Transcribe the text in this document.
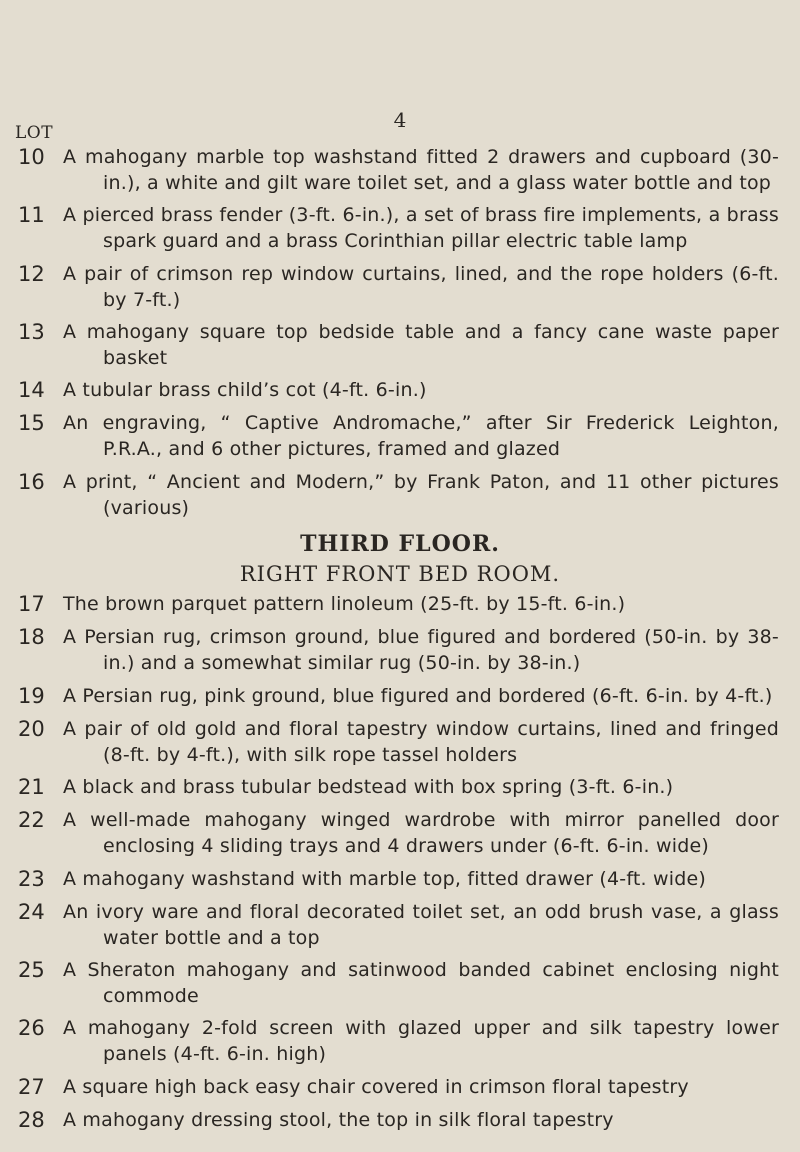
4
LOT
10 A mahogany marble top washstand fitted 2 drawers and cupboard (30-in.), a white and gilt ware toilet set, and a glass water bottle and top
11 A pierced brass fender (3-ft. 6-in.), a set of brass fire implements, a brass spark guard and a brass Corinthian pillar electric table lamp
12 A pair of crimson rep window curtains, lined, and the rope holders (6-ft. by 7-ft.)
13 A mahogany square top bedside table and a fancy cane waste paper basket
14 A tubular brass child’s cot (4-ft. 6-in.)
15 An engraving, “ Captive Andromache,” after Sir Frederick Leighton, P.R.A., and 6 other pictures, framed and glazed
16 A print, “ Ancient and Modern,” by Frank Paton, and 11 other pictures (various)
THIRD FLOOR.
RIGHT FRONT BED ROOM.
17 The brown parquet pattern linoleum (25-ft. by 15-ft. 6-in.)
18 A Persian rug, crimson ground, blue figured and bordered (50-in. by 38-in.) and a somewhat similar rug (50-in. by 38-in.)
19 A Persian rug, pink ground, blue figured and bordered (6-ft. 6-in. by 4-ft.)
20 A pair of old gold and floral tapestry window curtains, lined and fringed (8-ft. by 4-ft.), with silk rope tassel holders
21 A black and brass tubular bedstead with box spring (3-ft. 6-in.)
22 A well-made mahogany winged wardrobe with mirror panelled door enclosing 4 sliding trays and 4 drawers under (6-ft. 6-in. wide)
23 A mahogany washstand with marble top, fitted drawer (4-ft. wide)
24 An ivory ware and floral decorated toilet set, an odd brush vase, a glass water bottle and a top
25 A Sheraton mahogany and satinwood banded cabinet enclosing night commode
26 A mahogany 2-fold screen with glazed upper and silk tapestry lower panels (4-ft. 6-in. high)
27 A square high back easy chair covered in crimson floral tapestry
28 A mahogany dressing stool, the top in silk floral tapestry
